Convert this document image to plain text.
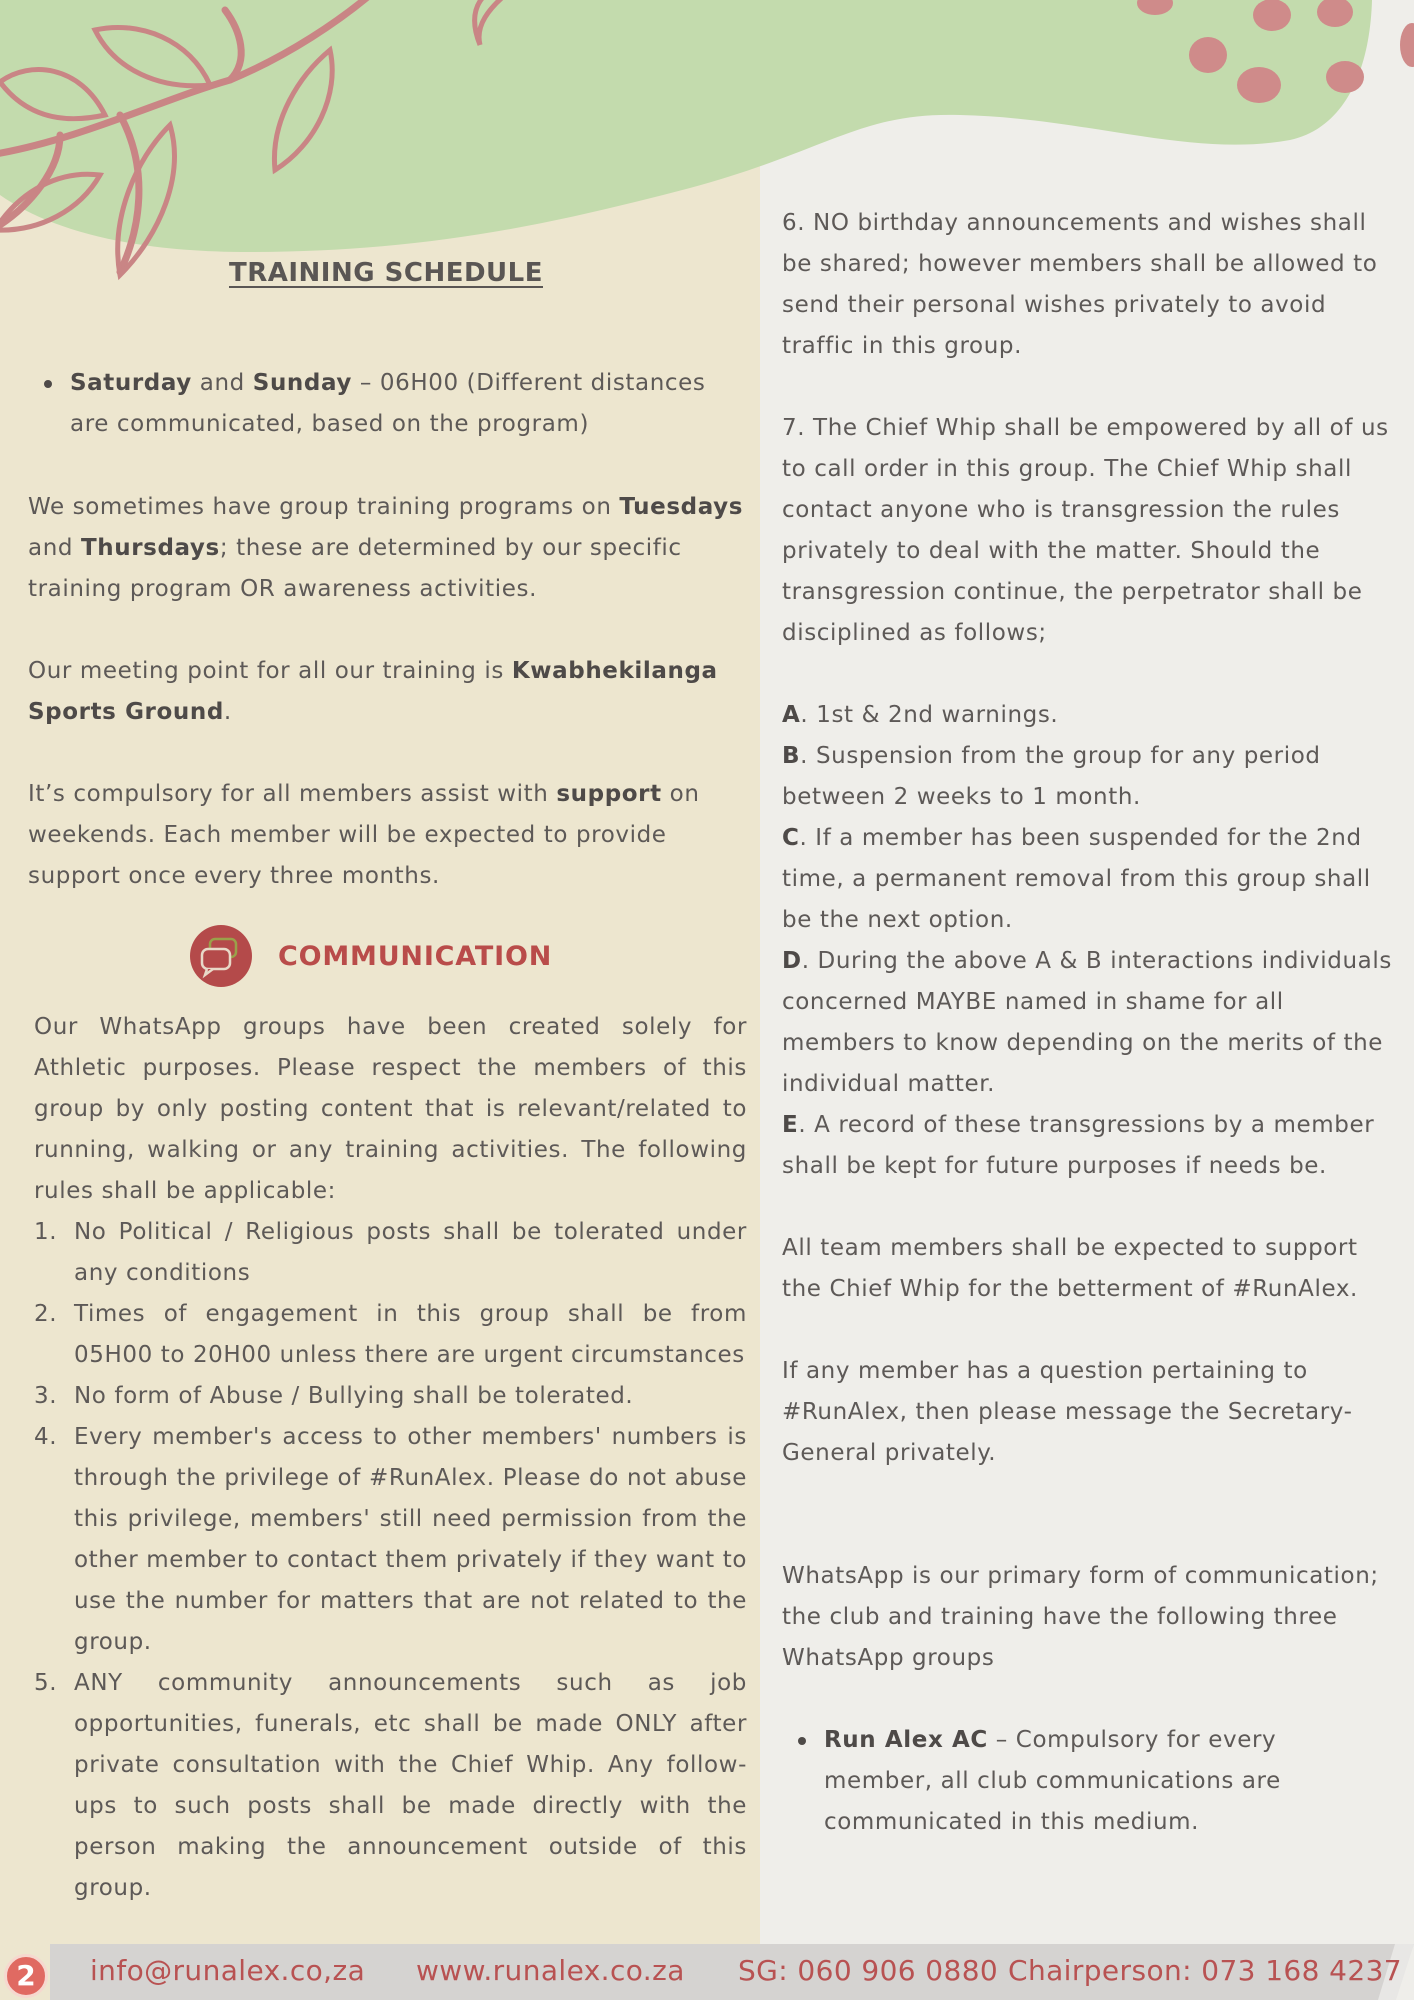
TRAINING SCHEDULE
Saturday and Sunday – 06H00 (Different distances are communicated, based on the program)

We sometimes have group training programs on Tuesdays and Thursdays; these are determined by our specific training program OR awareness activities.

Our meeting point for all our training is Kwabhekilanga Sports Ground.

It’s compulsory for all members assist with support on weekends. Each member will be expected to provide support once every three months.

COMMUNICATION

Our WhatsApp groups have been created solely for Athletic purposes. Please respect the members of this group by only posting content that is relevant/related to running, walking or any training activities. The following rules shall be applicable:

1. No Political / Religious posts shall be tolerated under any conditions
2. Times of engagement in this group shall be from 05H00 to 20H00 unless there are urgent circumstances
3. No form of Abuse / Bullying shall be tolerated.
4. Every member's access to other members' numbers is through the privilege of #RunAlex. Please do not abuse this privilege, members' still need permission from the other member to contact them privately if they want to use the number for matters that are not related to the group.
5. ANY community announcements such as job opportunities, funerals, etc shall be made ONLY after private consultation with the Chief Whip. Any follow-ups to such posts shall be made directly with the person making the announcement outside of this group.

6. NO birthday announcements and wishes shall be shared; however members shall be allowed to send their personal wishes privately to avoid traffic in this group.

7. The Chief Whip shall be empowered by all of us to call order in this group. The Chief Whip shall contact anyone who is transgression the rules privately to deal with the matter. Should the transgression continue, the perpetrator shall be disciplined as follows;

A. 1st & 2nd warnings.

B. Suspension from the group for any period between 2 weeks to 1 month.

C. If a member has been suspended for the 2nd time, a permanent removal from this group shall be the next option.

D. During the above A & B interactions individuals concerned MAYBE named in shame for all members to know depending on the merits of the individual matter.

E. A record of these transgressions by a member shall be kept for future purposes if needs be.

All team members shall be expected to support the Chief Whip for the betterment of #RunAlex.

If any member has a question pertaining to #RunAlex, then please message the Secretary-General privately.

WhatsApp is our primary form of communication; the club and training have the following three WhatsApp groups

Run Alex AC – Compulsory for every member, all club communications are communicated in this medium.
2	info@runalex.co,za www.runalex.co.za SG: 060 906 0880 Chairperson: 073 168 4237
